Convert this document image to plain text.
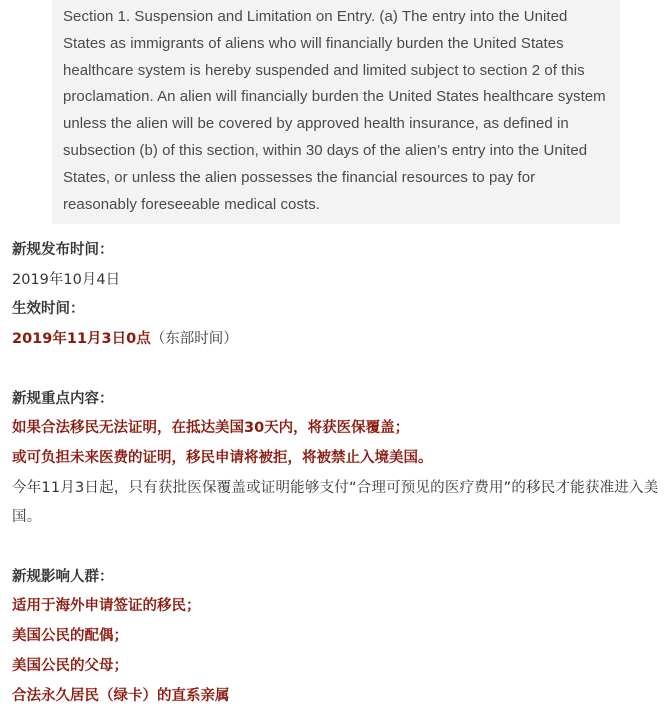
Section 1. Suspension and Limitation on Entry. (a) The entry into the United States as immigrants of aliens who will financially burden the United States healthcare system is hereby suspended and limited subject to section 2 of this proclamation. An alien will financially burden the United States healthcare system unless the alien will be covered by approved health insurance, as defined in subsection (b) of this section, within 30 days of the alien’s entry into the United States, or unless the alien possesses the financial resources to pay for reasonably foreseeable medical costs.

新规发布时间：
2019年10月4日
生效时间：
2019年11月3日0点（东部时间）
新规重点内容：
如果合法移民无法证明，在抵达美国30天内，将获医保覆盖；
或可负担未来医费的证明，移民申请将被拒，将被禁止入境美国。
今年11月3日起，只有获批医保覆盖或证明能够支付“合理可预见的医疗费用”的移民才能获准进入美国。
新规影响人群：
适用于海外申请签证的移民；
美国公民的配偶；
美国公民的父母；
合法永久居民（绿卡）的直系亲属
